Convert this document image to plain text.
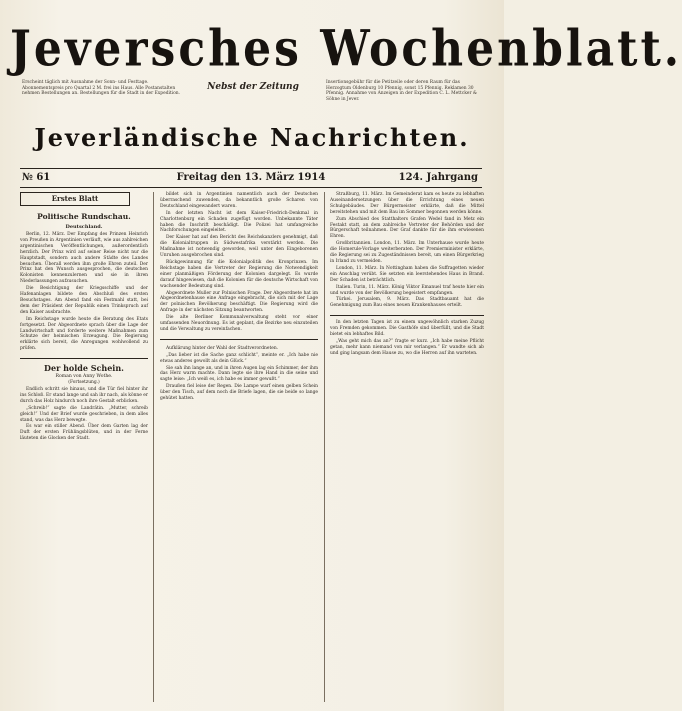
Jeversches Wochenblatt.
Erscheint täglich mit Ausnahme der Sonn- und Festtage. Abonnementspreis pro Quartal 2 M. frei ins Haus. Alle Postanstalten nehmen Bestellungen an. Bestellungen für die Stadt in der Expedition.
Nebst der Zeitung	Insertionsgebühr für die Petitzeile oder deren Raum für das Herzogtum Oldenburg 10 Pfennig, sonst 15 Pfennig. Reklamen 30 Pfennig. Annahme von Anzeigen in der Expedition C. L. Mettcker & Söhne in Jever.
Jeverländische Nachrichten.
№ 61	Freitag den 13. März 1914	124. Jahrgang
Erstes Blatt
Politische Rundschau.
Deutschland.

Berlin, 12. März. Der Empfang des Prinzen Heinrich von Preußen in Argentinien verläuft, wie aus zahlreichen argentinischen Veröffentlichungen, außerordentlich herzlich. Der Prinz wird auf seiner Reise nicht nur die Hauptstadt, sondern auch andere Städte des Landes besuchen. Überall werden ihm große Ehren zuteil. Der Prinz hat den Wunsch ausgesprochen, die deutschen Kolonisten kennenzulernen und sie in ihren Niederlassungen aufzusuchen.

Die Besichtigung der Kriegsschiffe und der Hafenanlagen bildete den Abschluß des ersten Besuchstages. Am Abend fand ein Festmahl statt, bei dem der Präsident der Republik einen Trinkspruch auf den Kaiser ausbrachte.

Im Reichstage wurde heute die Beratung des Etats fortgesetzt. Der Abgeordnete sprach über die Lage der Landwirtschaft und forderte weitere Maßnahmen zum Schutze der heimischen Erzeugung. Die Regierung erklärte sich bereit, die Anregungen wohlwollend zu prüfen.

Der holde Schein.
Roman von Anny Wothe.

(Fortsetzung.)

Endlich schritt sie hinaus, und die Tür fiel hinter ihr ins Schloß. Er stand lange und sah ihr nach, als könne er durch das Holz hindurch noch ihre Gestalt erblicken.

„Schreib!“ sagte die Landrätin. „Mutter, schreib gleich!“ Und der Brief wurde geschrieben, in dem alles stand, was das Herz bewegte.

Es war ein stiller Abend. Über dem Garten lag der Duft der ersten Frühlingsblüten, und in der Ferne läuteten die Glocken der Stadt.

bildet sich in Argentinien namentlich auch der Deutschen überraschend zuwenden, da bekanntlich große Scharen von Deutschland eingewandert waren.

In der letzten Nacht ist dem Kaiser-Friedrich-Denkmal in Charlottenburg ein Schaden zugefügt worden. Unbekannte Täter haben die Inschrift beschädigt. Die Polizei hat umfangreiche Nachforschungen eingeleitet.

Der Kaiser hat auf den Bericht des Reichskanzlers genehmigt, daß die Kolonialtruppen in Südwestafrika verstärkt werden. Die Maßnahme ist notwendig geworden, weil unter den Eingeborenen Unruhen ausgebrochen sind.

Rückgewinnung für die Kolonialpolitik des Kronprinzen. Im Reichstage haben die Vertreter der Regierung die Notwendigkeit einer planmäßigen Förderung der Kolonien dargelegt. Es wurde darauf hingewiesen, daß die Kolonien für die deutsche Wirtschaft von wachsender Bedeutung sind.

Abgeordnete Muller zur Polnischen Frage. Der Abgeordnete hat im Abgeordnetenhause eine Anfrage eingebracht, die sich mit der Lage der polnischen Bevölkerung beschäftigt. Die Regierung wird die Anfrage in der nächsten Sitzung beantworten.

Die alte Berliner Kommunalverwaltung steht vor einer umfassenden Neuordnung. Es ist geplant, die Bezirke neu einzuteilen und die Verwaltung zu vereinfachen.

Aufklärung hinter der Wahl der Stadtverordneten.

„Das lieber ist die Sache ganz schlicht“, meinte er. „Ich habe nie etwas anderes gewollt als dein Glück.“

Sie sah ihn lange an, und in ihren Augen lag ein Schimmer, der ihm das Herz warm machte. Dann legte sie ihre Hand in die seine und sagte leise: „Ich weiß es, ich habe es immer gewußt.“

Draußen fiel leise der Regen. Die Lampe warf einen gelben Schein über den Tisch, auf dem noch die Briefe lagen, die sie beide so lange gehütet hatten.

Straßburg, 11. März. Im Gemeinderat kam es heute zu lebhaften Auseinandersetzungen über die Errichtung eines neuen Schulgebäudes. Der Bürgermeister erklärte, daß die Mittel bereitstehen und mit dem Bau im Sommer begonnen werden könne.

Zum Abschied des Statthalters Grafen Wedel fand in Metz ein Festakt statt, an dem zahlreiche Vertreter der Behörden und der Bürgerschaft teilnahmen. Der Graf dankte für die ihm erwiesenen Ehren.

Großbritannien. London, 11. März. Im Unterhause wurde heute die Homerule-Vorlage weiterberaten. Der Premierminister erklärte, die Regierung sei zu Zugeständnissen bereit, um einen Bürgerkrieg in Irland zu vermeiden.

London, 11. März. In Nottingham haben die Suffragetten wieder ein Anschlag verübt. Sie setzten ein leerstehendes Haus in Brand. Der Schaden ist beträchtlich.

Italien. Turin, 11. März. König Viktor Emanuel traf heute hier ein und wurde von der Bevölkerung begeistert empfangen.

Türkei. Jerusalem, 9. März. Das Stadtbauamt hat die Genehmigung zum Bau eines neuen Krankenhauses erteilt.

In den letzten Tagen ist zu einem ungewöhnlich starken Zuzug von Fremden gekommen. Die Gasthöfe sind überfüllt, und die Stadt bietet ein lebhaftes Bild.

„Was geht mich das an?“ fragte er kurz. „Ich habe meine Pflicht getan, mehr kann niemand von mir verlangen.“ Er wandte sich ab und ging langsam dem Hause zu, wo die Herren auf ihn warteten.
